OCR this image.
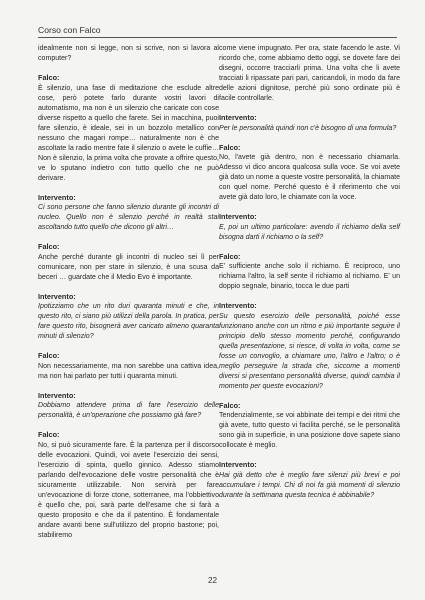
Corso con Falco

idealmente non si legge, non si scrive, non si lavora al computer?

Falco:

È silenzio, una fase di meditazione che esclude altre cose, però potete farlo durante vostri lavori di automatismo, ma non è un silenzio che caricate con cose diverse rispetto a quello che farete. Sei in macchina, puoi fare silenzio, è ideale, sei in un bozzolo metallico con nessuno che magari rompe… naturalmente non è che ascoltate la radio mentre fate il silenzio o avete le cuffie… Non è silenzio, la prima volta che provate a offrire questo, ve lo sputano indietro con tutto quello che ne può derivare.

Intervento:

Ci sono persone che fanno silenzio durante gli incontri di nucleo. Quello non è silenzio perché in realtà stai ascoltando tutto quello che dicono gli altri…

Falco:

Anche perché durante gli incontri di nucleo sei lì per comunicare, non per stare in silenzio, è una scusa da beceri … guardate che il Medio Evo è importante.

Intervento:

Ipotizziamo che un rito duri quaranta minuti e che, in questo rito, ci siano più utilizzi della parola. In pratica, per fare questo rito, bisognerà aver caricato almeno quaranta minuti di silenzio?

Falco:

Non necessariamente, ma non sarebbe una cattiva idea, ma non hai parlato per tutti i quaranta minuti.

Intervento:

Dobbiamo attendere prima di fare l'esercizio delle personalità, è un'operazione che possiamo già fare?

Falco:

No, si può sicuramente fare. È la partenza per il discorso delle evocazioni. Quindi, voi avete l'esercizio dei sensi, l'esercizio di spinta, quello ginnico. Adesso stiamo parlando dell'evocazione delle vostre personalità che è sicuramente utilizzabile. Non servirà per fare un'evocazione di forze ctone, sotterranee, ma l'obbiettivo è quello che, poi, sarà parte dell'esame che si farà a questo proposito e che da il patentino. È fondamentale andare avanti bene sull'utilizzo del proprio bastone; poi, stabiliremo

come viene impugnato. Per ora, state facendo le aste. Vi ricordo che, come abbiamo detto oggi, se dovete fare dei disegni, occorre tracciarli prima. Una volta che li avete tracciati li ripassate pari pari, caricandoli, in modo da fare delle azioni dignitose, perché più sono ordinate più è facile controllarle.

Intervento:

Per le personalità quindi non c'è bisogno di una formula?

Falco:

No, l'avete già dentro, non è necessario chiamarla. Adesso vi dico ancora qualcosa sulla voce. Se voi avete già dato un nome a queste vostre personalità, la chiamate con quel nome. Perché questo è il riferimento che voi avete già dato loro, le chiamate con la voce.

Intervento:

E, poi un ultimo particolare: avendo il richiamo della self bisogna darti il richiamo o la self?

Falco:

E' sufficiente anche solo il richiamo. È reciproco, uno richiama l'altro, la self sente il richiamo al richiamo. E' un doppio segnale, binario, tocca le due parti

Intervento:

Su questo esercizio delle personalità, poiché esse funzionano anche con un ritmo e più importante seguire il principio dello stesso momento perché, configurando quella presentazione, si riesce, di volta in volta, come se fosse un convoglio, a chiamare uno, l'altro e l'altro; o è meglio perseguire la strada che, siccome a momenti diversi si presentano personalità diverse, quindi cambia il momento per queste evocazioni?

Falco:

Tendenzialmente, se voi abbinate dei tempi e dei ritmi che già avete, tutto questo vi facilita perché, se le personalità sono già in superficie, in una posizione dove sapete siano collocate è meglio.

Intervento:

Hai già detto che è meglio fare silenzi più brevi e poi accumulare i tempi. Chi di noi fa già momenti di silenzio durante la settimana questa tecnica è abbinabile?

22
